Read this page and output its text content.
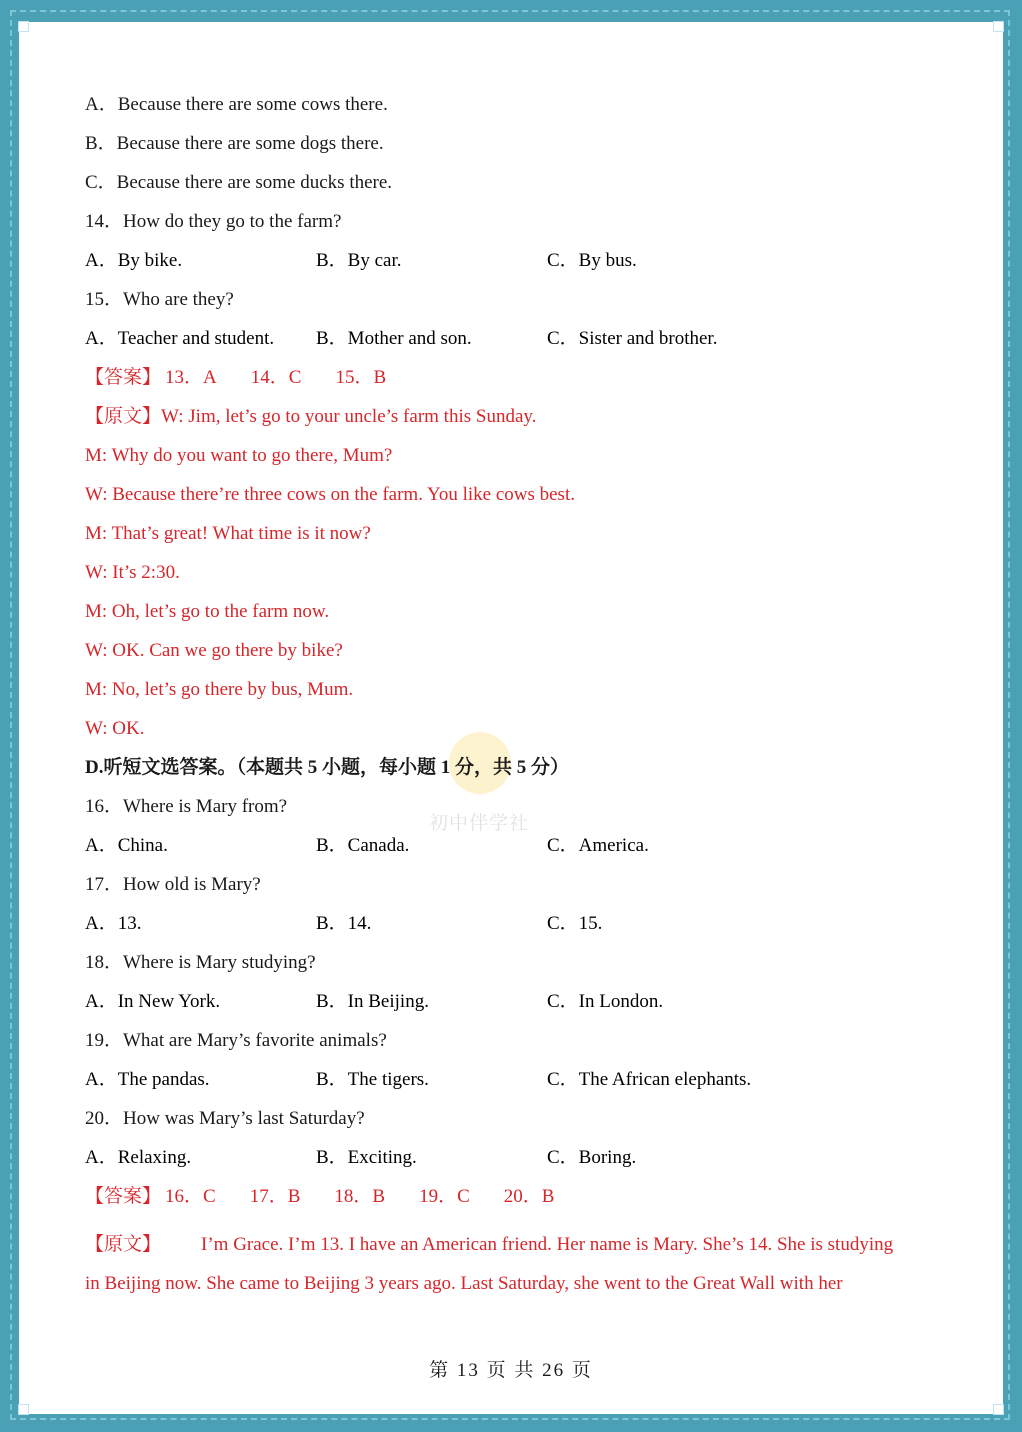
初中伴学社
A．Because there are some cows there.
B．Because there are some dogs there.
C．Because there are some ducks there.
14．How do they go to the farm?
A．By bike.	B．By car.	C．By bus.
15．Who are they?
A．Teacher and student. B．Mother and son.	C．Sister and brother.
【答案】 13．A 14．C 15．B
【原文】W: Jim, let’s go to your uncle’s farm this Sunday.
M: Why do you want to go there, Mum?
W: Because there’re three cows on the farm. You like cows best.
M: That’s great! What time is it now?
W: It’s 2:30.
M: Oh, let’s go to the farm now.
W: OK. Can we go there by bike?
M: No, let’s go there by bus, Mum.
W: OK.
D.听短文选答案。（本题共 5 小题，每小题 1 分，共 5 分）
16．Where is Mary from?
A．China.	B．Canada.	C．America.
17．How old is Mary?
A．13.	B．14.	C．15.
18．Where is Mary studying?
A．In New York.	B．In Beijing.	C．In London.
19．What are Mary’s favorite animals?
A．The pandas.	B．The tigers.	C．The African elephants.
20．How was Mary’s last Saturday?
A．Relaxing.	B．Exciting.	C．Boring.
【答案】 16．C 17．B 18．B 19．C 20．B
【原文】 I’m Grace. I’m 13. I have an American friend. Her name is Mary. She’s 14. She is studying
in Beijing now. She came to Beijing 3 years ago. Last Saturday, she went to the Great Wall with her
第 13 页 共 26 页
